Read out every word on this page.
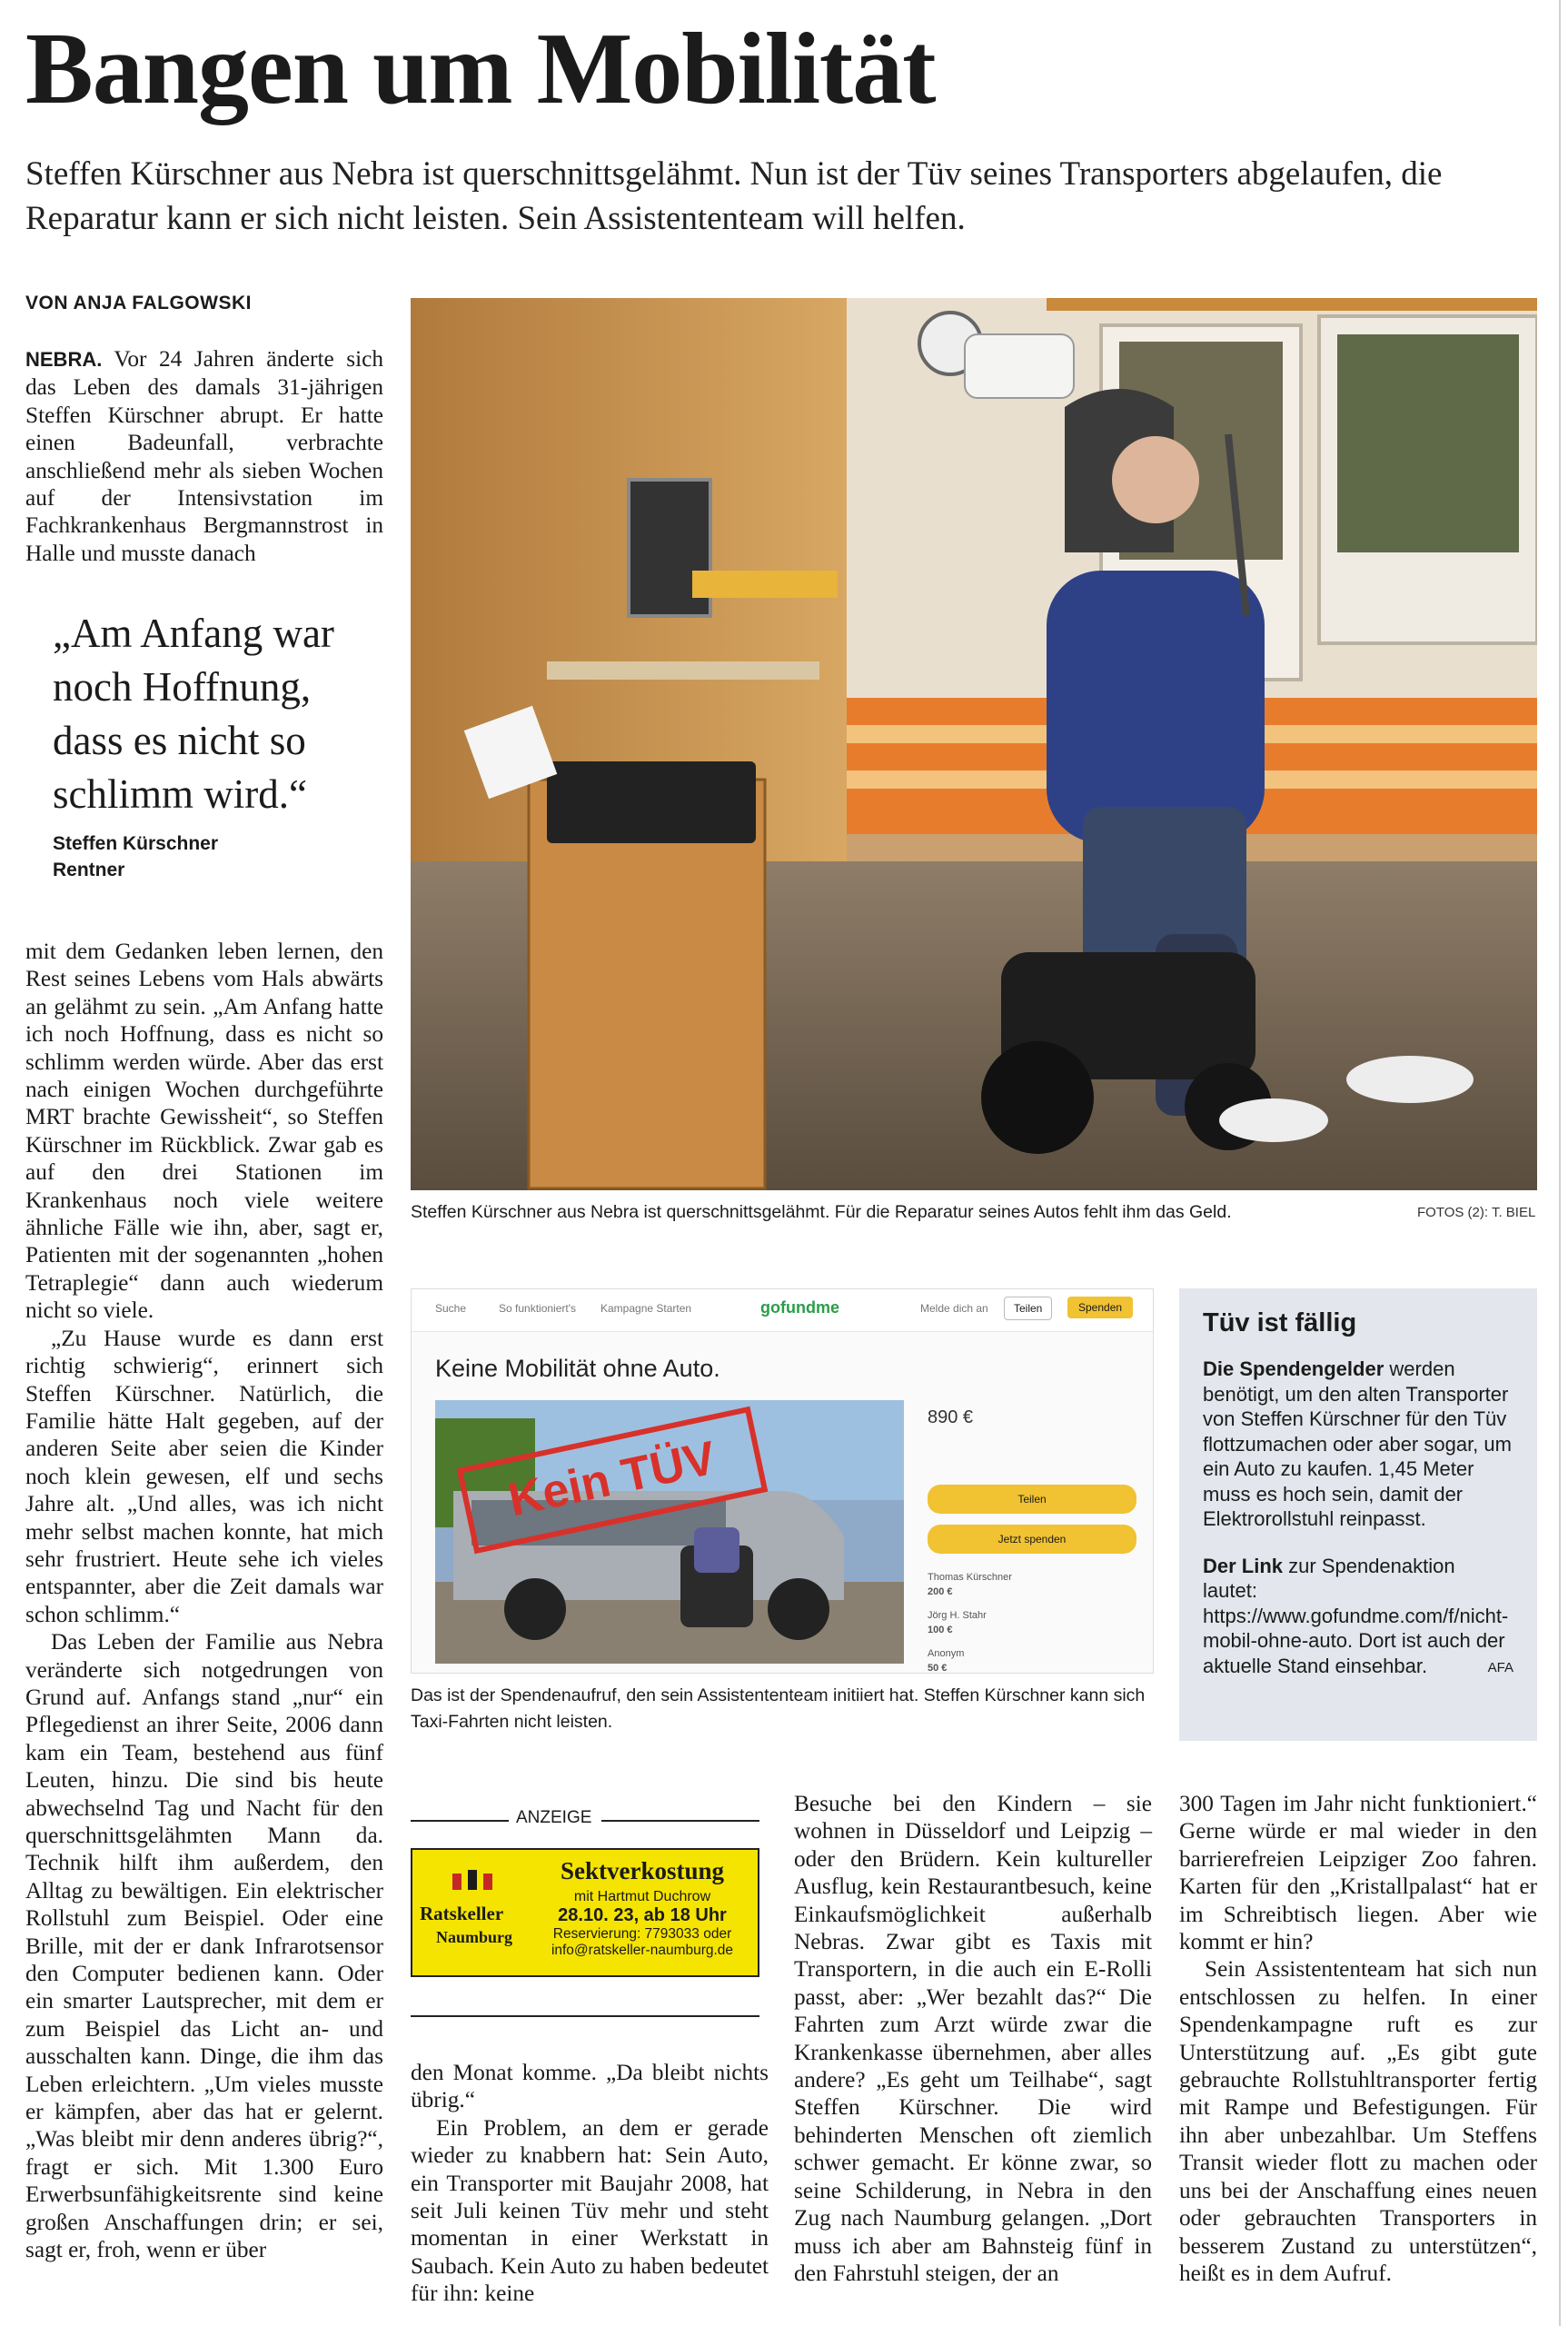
Bangen um Mobilität

Steffen Kürschner aus Nebra ist querschnittsgelähmt. Nun ist der Tüv seines Transporters abgelaufen, die Reparatur kann er sich nicht leisten. Sein Assistententeam will helfen.

VON ANJA FALGOWSKI

NEBRA. Vor 24 Jahren änderte sich das Leben des damals 31-jährigen Steffen Kürschner abrupt. Er hatte einen Badeunfall, verbrachte anschließend mehr als sieben Wochen auf der Intensivstation im Fachkrankenhaus Bergmannstrost in Halle und musste danach

„Am Anfang war noch Hoffnung, dass es nicht so schlimm wird.“

Steffen Kürschner
Rentner

mit dem Gedanken leben lernen, den Rest seines Lebens vom Hals abwärts an gelähmt zu sein. „Am Anfang hatte ich noch Hoffnung, dass es nicht so schlimm werden würde. Aber das erst nach einigen Wochen durchgeführte MRT brachte Gewissheit“, so Steffen Kürschner im Rückblick. Zwar gab es auf den drei Stationen im Krankenhaus noch viele weitere ähnliche Fälle wie ihn, aber, sagt er, Patienten mit der sogenannten „hohen Tetraplegie“ dann auch wiederum nicht so viele.

„Zu Hause wurde es dann erst richtig schwierig“, erinnert sich Steffen Kürschner. Natürlich, die Familie hätte Halt gegeben, auf der anderen Seite aber seien die Kinder noch klein gewesen, elf und sechs Jahre alt. „Und alles, was ich nicht mehr selbst machen konnte, hat mich sehr frustriert. Heute sehe ich vieles entspannter, aber die Zeit damals war schon schlimm.“

Das Leben der Familie aus Nebra veränderte sich notgedrungen von Grund auf. Anfangs stand „nur“ ein Pflegedienst an ihrer Seite, 2006 dann kam ein Team, bestehend aus fünf Leuten, hinzu. Die sind bis heute abwechselnd Tag und Nacht für den querschnittsgelähmten Mann da. Technik hilft ihm außerdem, den Alltag zu bewältigen. Ein elektrischer Rollstuhl zum Beispiel. Oder eine Brille, mit der er dank Infrarotsensor den Computer bedienen kann. Oder ein smarter Lautsprecher, mit dem er zum Beispiel das Licht an- und ausschalten kann. Dinge, die ihm das Leben erleichtern. „Um vieles musste er kämpfen, aber das hat er gelernt. „Was bleibt mir denn anderes übrig?“, fragt er sich. Mit 1.300 Euro Erwerbsunfähigkeitsrente sind keine großen Anschaffungen drin; er sei, sagt er, froh, wenn er über

Steffen Kürschner aus Nebra ist querschnittsgelähmt. Für die Reparatur seines Autos fehlt ihm das Geld.	FOTOS (2): T. BIEL
Suche	So funktioniert's Kampagne Starten	gofundme	Melde dich an	Teilen	Spenden
Keine Mobilität ohne Auto.
Kein TÜV
890 €
Teilen
Jetzt spenden
Thomas Kürschner
200 €
Jörg H. Stahr
100 €
Anonym
50 €
Das ist der Spendenaufruf, den sein Assistententeam initiiert hat. Steffen Kürschner kann sich Taxi-Fahrten nicht leisten.
Tüv ist fällig

Die Spendengelder werden benötigt, um den alten Transporter von Steffen Kürschner für den Tüv flottzumachen oder aber sogar, um ein Auto zu kaufen. 1,45 Meter muss es hoch sein, damit der Elektrorollstuhl reinpasst.

Der Link zur Spendenaktion lautet: https://www.gofundme.com/f/nicht-mobil-ohne-auto. Dort ist auch der aktuelle Stand einsehbar.	AFA
ANZEIGE
Ratskeller
Naumburg
Sektverkostung
mit Hartmut Duchrow
28.10. 23, ab 18 Uhr
Reservierung: 7793033 oder
info@ratskeller-naumburg.de

den Monat komme. „Da bleibt nichts übrig.“

Ein Problem, an dem er gerade wieder zu knabbern hat: Sein Auto, ein Transporter mit Baujahr 2008, hat seit Juli keinen Tüv mehr und steht momentan in einer Werkstatt in Saubach. Kein Auto zu haben bedeutet für ihn: keine

Besuche bei den Kindern – sie wohnen in Düsseldorf und Leipzig – oder den Brüdern. Kein kultureller Ausflug, kein Restaurantbesuch, keine Einkaufsmöglichkeit außerhalb Nebras. Zwar gibt es Taxis mit Transportern, in die auch ein E-Rolli passt, aber: „Wer bezahlt das?“ Die Fahrten zum Arzt würde zwar die Krankenkasse übernehmen, aber alles andere? „Es geht um Teilhabe“, sagt Steffen Kürschner. Die wird behinderten Menschen oft ziemlich schwer gemacht. Er könne zwar, so seine Schilderung, in Nebra in den Zug nach Naumburg gelangen. „Dort muss ich aber am Bahnsteig fünf in den Fahrstuhl steigen, der an

300 Tagen im Jahr nicht funktioniert.“ Gerne würde er mal wieder in den barrierefreien Leipziger Zoo fahren. Karten für den „Kristallpalast“ hat er im Schreibtisch liegen. Aber wie kommt er hin?

Sein Assistententeam hat sich nun entschlossen zu helfen. In einer Spendenkampagne ruft es zur Unterstützung auf. „Es gibt gute gebrauchte Rollstuhltransporter fertig mit Rampe und Befestigungen. Für ihn aber unbezahlbar. Um Steffens Transit wieder flott zu machen oder uns bei der Anschaffung eines neuen oder gebrauchten Transporters in besserem Zustand zu unterstützen“, heißt es in dem Aufruf.
